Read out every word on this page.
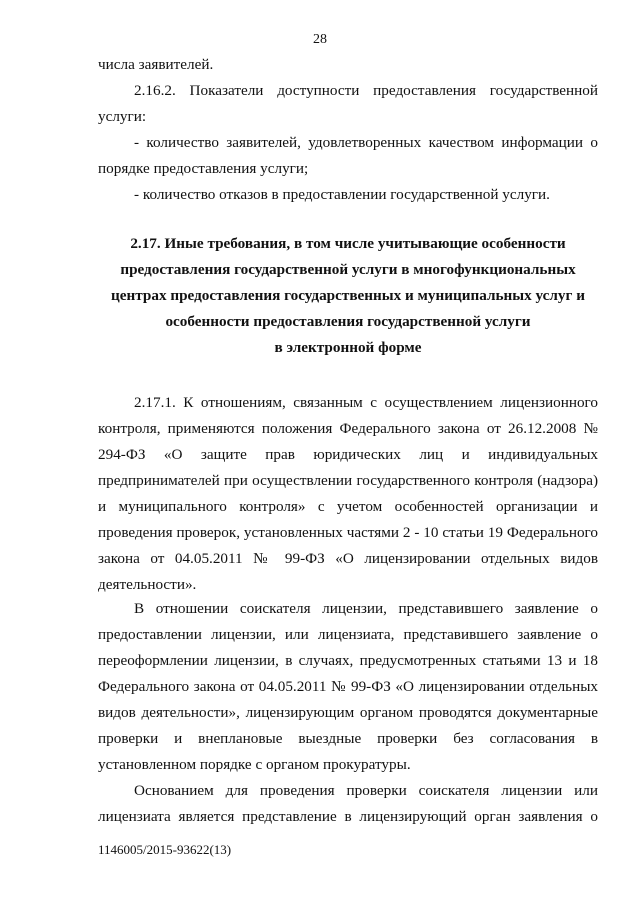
28

числа заявителей.

2.16.2. Показатели доступности предоставления государственной

услуги:

- количество заявителей, удовлетворенных качеством информации о

порядке предоставления услуги;

- количество отказов в предоставлении государственной услуги.

2.17. Иные требования, в том числе учитывающие особенности
предоставления государственной услуги в многофункциональных
центрах предоставления государственных и муниципальных услуг и
особенности предоставления государственной услуги
в электронной форме

2.17.1. К отношениям, связанным с осуществлением лицензионного

контроля, применяются положения Федерального закона от 26.12.2008 №

294-ФЗ «О защите прав юридических лиц и индивидуальных

предпринимателей при осуществлении государственного контроля (надзора)

и муниципального контроля» с учетом особенностей организации и

проведения проверок, установленных частями 2 - 10 статьи 19 Федерального

закона от 04.05.2011 № 99-ФЗ «О лицензировании отдельных видов

деятельности».

В отношении соискателя лицензии, представившего заявление о

предоставлении лицензии, или лицензиата, представившего заявление о

переоформлении лицензии, в случаях, предусмотренных статьями 13 и 18

Федерального закона от 04.05.2011 № 99-ФЗ «О лицензировании отдельных

видов деятельности», лицензирующим органом проводятся документарные

проверки и внеплановые выездные проверки без согласования в

установленном порядке с органом прокуратуры.

Основанием для проведения проверки соискателя лицензии или

лицензиата является представление в лицензирующий орган заявления о

1146005/2015-93622(13)
